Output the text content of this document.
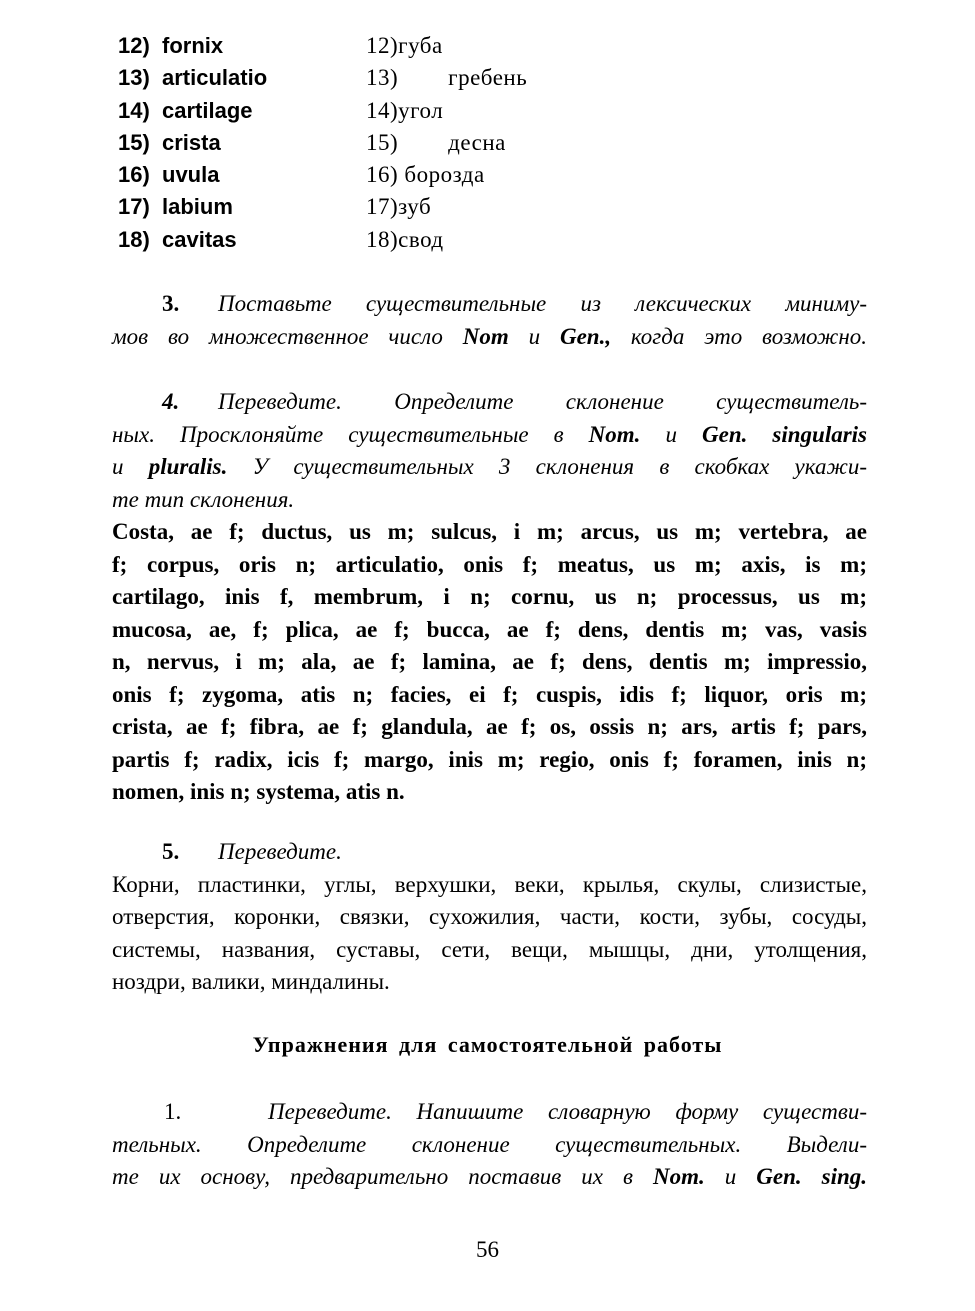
12) fornix	12)губа
13) articulatio	13)        гребень
14) cartilage	14)угол
15) crista	15)        десна
16) uvula	16) борозда
17) labium	17)зуб
18) cavitas	18)свод
3. Поставьте существительные из лексических миниму-
мов во множественное число Nom и Gen., когда это возможно.
4. Переведите. Определите склонение существитель-
ных. Просклоняйте существительные в Nom. и Gen. singularis
и pluralis. У существительных 3 склонения в скобках укажи-
те тип склонения.
Costa, ae f; ductus, us m; sulcus, i m; arcus, us m; vertebra, ae
f; corpus, oris n; articulatio, onis f; meatus, us m; axis, is m;
cartilago, inis f, membrum, i n; cornu, us n; processus, us m;
mucosa, ae, f; plica, ae f; bucca, ae f; dens, dentis m; vas, vasis
n, nervus, i m; ala, ae f; lamina, ae f; dens, dentis m; impressio,
onis f; zygoma, atis n; facies, ei f; cuspis, idis f; liquor, oris m;
crista, ae f; fibra, ae f; glandula, ae f; os, ossis n; ars, artis f; pars,
partis f; radix, icis f; margo, inis m; regio, onis f; foramen, inis n;
nomen, inis n; systema, atis n.
5. Переведите.
Корни, пластинки, углы, верхушки, веки, крылья, скулы, слизистые,
отверстия, коронки, связки, сухожилия, части, кости, зубы, сосуды,
системы, названия, суставы, сети, вещи, мышцы, дни, утолщения,
ноздри, валики, миндалины.
Упражнения для самостоятельной работы
1.	Переведите. Напишите словарную форму существи-
тельных. Определите склонение существительных. Выдели-
те их основу, предварительно поставив их в Nom. и Gen. sing.
56
